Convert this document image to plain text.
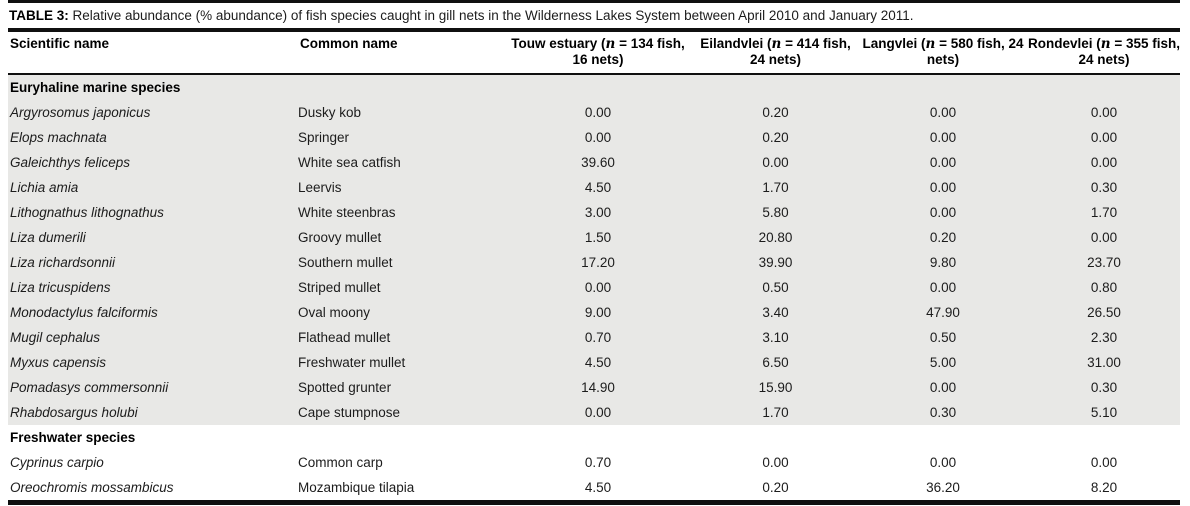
TABLE 3: Relative abundance (% abundance) of fish species caught in gill nets in the Wilderness Lakes System between April 2010 and January 2011.
Scientific name	Common name	Touw estuary (n = 134 fish, 16 nets)	Eilandvlei (n = 414 fish, 24 nets)	Langvlei (n = 580 fish, 24 nets)	Rondevlei (n = 355 fish, 24 nets)
Euryhaline marine species					
Argyrosomus japonicus	Dusky kob	0.00	0.20	0.00	0.00
Elops machnata	Springer	0.00	0.20	0.00	0.00
Galeichthys feliceps	White sea catfish	39.60	0.00	0.00	0.00
Lichia amia	Leervis	4.50	1.70	0.00	0.30
Lithognathus lithognathus	White steenbras	3.00	5.80	0.00	1.70
Liza dumerili	Groovy mullet	1.50	20.80	0.20	0.00
Liza richardsonnii	Southern mullet	17.20	39.90	9.80	23.70
Liza tricuspidens	Striped mullet	0.00	0.50	0.00	0.80
Monodactylus falciformis	Oval moony	9.00	3.40	47.90	26.50
Mugil cephalus	Flathead mullet	0.70	3.10	0.50	2.30
Myxus capensis	Freshwater mullet	4.50	6.50	5.00	31.00
Pomadasys commersonnii	Spotted grunter	14.90	15.90	0.00	0.30
Rhabdosargus holubi	Cape stumpnose	0.00	1.70	0.30	5.10
Freshwater species					
Cyprinus carpio	Common carp	0.70	0.00	0.00	0.00
Oreochromis mossambicus	Mozambique tilapia	4.50	0.20	36.20	8.20
